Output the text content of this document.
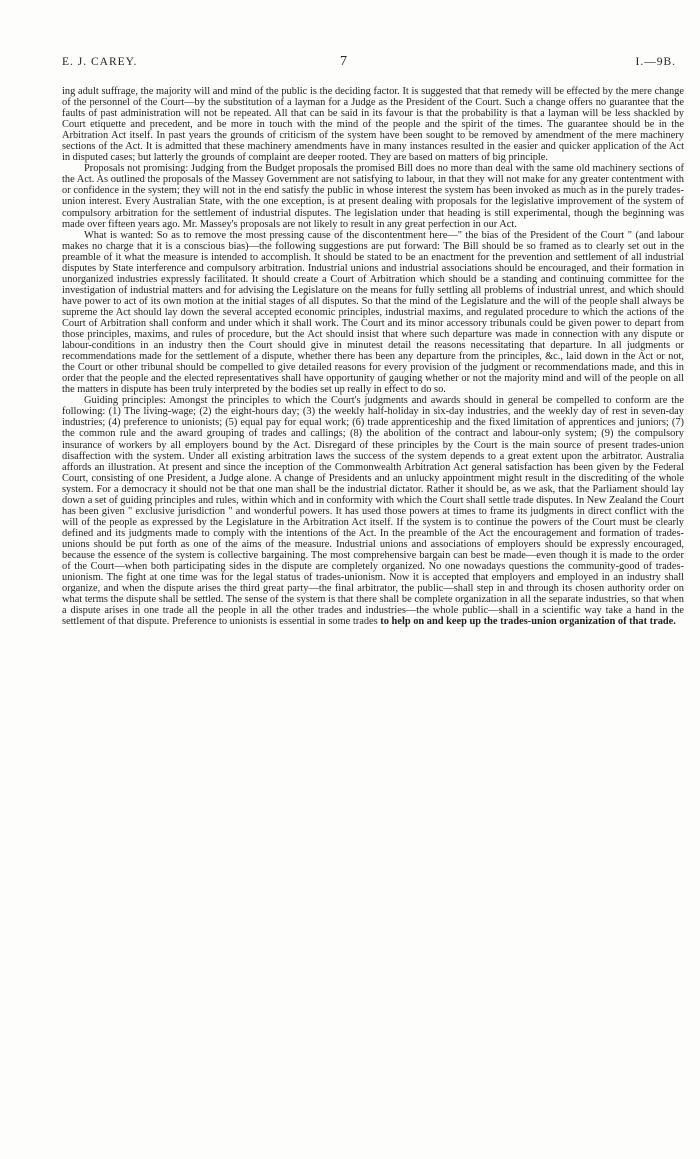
E. J. CAREY.	7	I.—9B.

ing adult suffrage, the majority will and mind of the public is the deciding factor. It is suggested that that remedy will be effected by the mere change of the personnel of the Court—by the substitution of a layman for a Judge as the President of the Court. Such a change offers no guarantee that the faults of past administration will not be repeated. All that can be said in its favour is that the probability is that a layman will be less shackled by Court etiquette and precedent, and be more in touch with the mind of the people and the spirit of the times. The guarantee should be in the Arbitration Act itself. In past years the grounds of criticism of the system have been sought to be removed by amendment of the mere machinery sections of the Act. It is admitted that these machinery amendments have in many instances resulted in the easier and quicker application of the Act in disputed cases; but latterly the grounds of complaint are deeper rooted. They are based on matters of big principle.

Proposals not promising: Judging from the Budget proposals the promised Bill does no more than deal with the same old machinery sections of the Act. As outlined the proposals of the Massey Government are not satisfying to labour, in that they will not make for any greater contentment with or confidence in the system; they will not in the end satisfy the public in whose interest the system has been invoked as much as in the purely trades-union interest. Every Australian State, with the one exception, is at present dealing with proposals for the legislative improvement of the system of compulsory arbitration for the settlement of industrial disputes. The legislation under that heading is still experimental, though the beginning was made over fifteen years ago. Mr. Massey's proposals are not likely to result in any great perfection in our Act.

What is wanted: So as to remove the most pressing cause of the discontentment here—" the bias of the President of the Court " (and labour makes no charge that it is a conscious bias)—the following suggestions are put forward: The Bill should be so framed as to clearly set out in the preamble of it what the measure is intended to accomplish. It should be stated to be an enactment for the prevention and settlement of all industrial disputes by State interference and compulsory arbitration. Industrial unions and industrial associations should be encouraged, and their formation in unorganized industries expressly facilitated. It should create a Court of Arbitration which should be a standing and continuing committee for the investigation of industrial matters and for advising the Legislature on the means for fully settling all problems of industrial unrest, and which should have power to act of its own motion at the initial stages of all disputes. So that the mind of the Legislature and the will of the people shall always be supreme the Act should lay down the several accepted economic principles, industrial maxims, and regulated procedure to which the actions of the Court of Arbitration shall conform and under which it shall work. The Court and its minor accessory tribunals could be given power to depart from those principles, maxims, and rules of procedure, but the Act should insist that where such departure was made in connection with any dispute or labour-conditions in an industry then the Court should give in minutest detail the reasons necessitating that departure. In all judgments or recommendations made for the settlement of a dispute, whether there has been any departure from the principles, &c., laid down in the Act or not, the Court or other tribunal should be compelled to give detailed reasons for every provision of the judgment or recommendations made, and this in order that the people and the elected representatives shall have opportunity of gauging whether or not the majority mind and will of the people on all the matters in dispute has been truly interpreted by the bodies set up really in effect to do so.

Guiding principles: Amongst the principles to which the Court's judgments and awards should in general be compelled to conform are the following: (1) The living-wage; (2) the eight-hours day; (3) the weekly half-holiday in six-day industries, and the weekly day of rest in seven-day industries; (4) preference to unionists; (5) equal pay for equal work; (6) trade apprenticeship and the fixed limitation of apprentices and juniors; (7) the common rule and the award grouping of trades and callings; (8) the abolition of the contract and labour-only system; (9) the compulsory insurance of workers by all employers bound by the Act. Disregard of these principles by the Court is the main source of present trades-union disaffection with the system. Under all existing arbitration laws the success of the system depends to a great extent upon the arbitrator. Australia affords an illustration. At present and since the inception of the Commonwealth Arbitration Act general satisfaction has been given by the Federal Court, consisting of one President, a Judge alone. A change of Presidents and an unlucky appointment might result in the discrediting of the whole system. For a democracy it should not be that one man shall be the industrial dictator. Rather it should be, as we ask, that the Parliament should lay down a set of guiding principles and rules, within which and in conformity with which the Court shall settle trade disputes. In New Zealand the Court has been given " exclusive jurisdiction " and wonderful powers. It has used those powers at times to frame its judgments in direct conflict with the will of the people as expressed by the Legislature in the Arbitration Act itself. If the system is to continue the powers of the Court must be clearly defined and its judgments made to comply with the intentions of the Act. In the preamble of the Act the encouragement and formation of trades-unions should be put forth as one of the aims of the measure. Industrial unions and associations of employers should be expressly encouraged, because the essence of the system is collective bargaining. The most comprehensive bargain can best be made—even though it is made to the order of the Court—when both participating sides in the dispute are completely organized. No one nowadays questions the community-good of trades-unionism. The fight at one time was for the legal status of trades-unionism. Now it is accepted that employers and employed in an industry shall organize, and when the dispute arises the third great party—the final arbitrator, the public—shall step in and through its chosen authority order on what terms the dispute shall be settled. The sense of the system is that there shall be complete organization in all the separate industries, so that when a dispute arises in one trade all the people in all the other trades and industries—the whole public—shall in a scientific way take a hand in the settlement of that dispute. Preference to unionists is essential in some trades to help on and keep up the trades-union organization of that trade.
